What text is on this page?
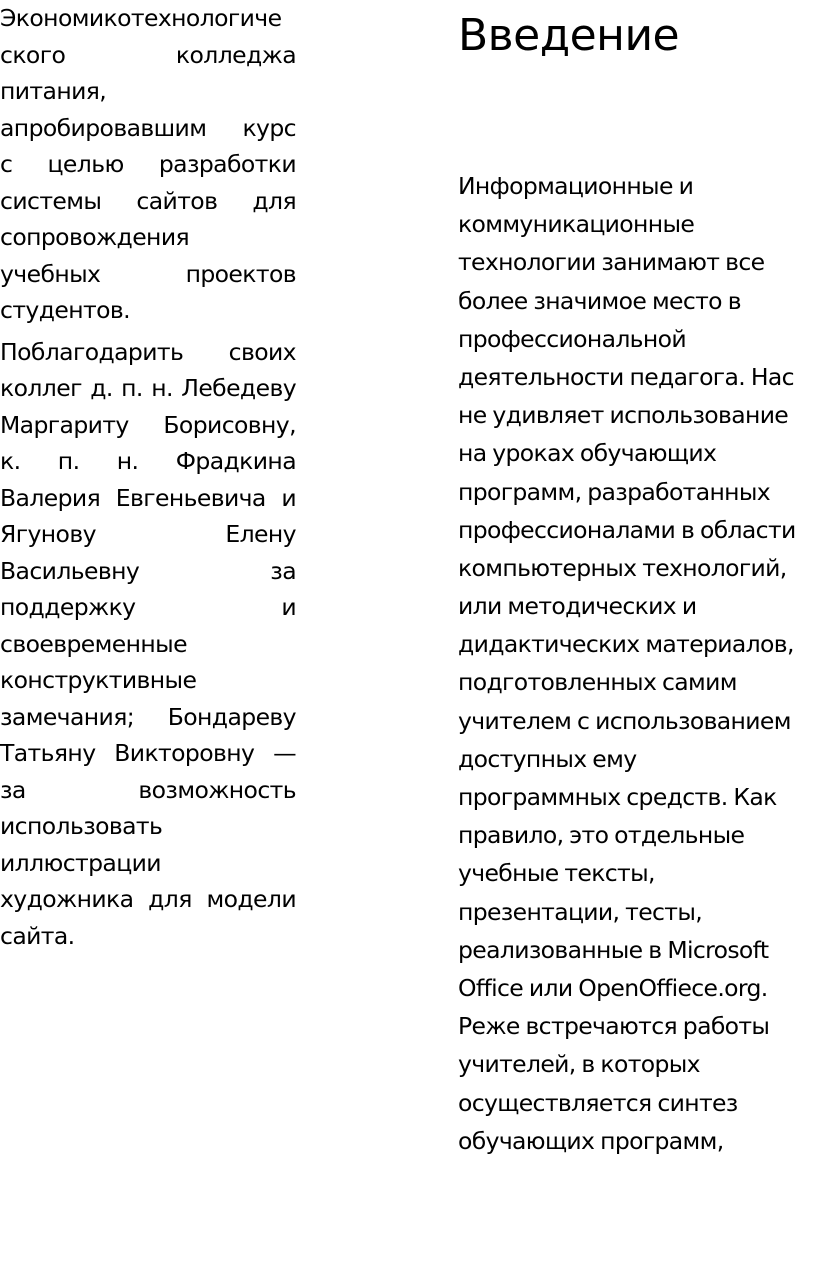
Экономикотехнологиче
ского колледжа
питания,
апробировавшим курс
с целью разработки
системы сайтов для
сопровождения
учебных проектов
студентов.
Поблагодарить своих
коллег д. п. н. Лебедеву
Маргариту Борисовну,
к. п. н. Фрадкина
Валерия Евгеньевича и
Ягунову Елену
Васильевну за
поддержку и
своевременные
конструктивные
замечания; Бондареву
Татьяну Викторовну —
за возможность
использовать
иллюстрации
художника для модели
сайта.
Введение
Информационные и
коммуникационные
технологии занимают все
более значимое место в
профессиональной
деятельности педагога. Нас
не удивляет использование
на уроках обучающих
программ, разработанных
профессионалами в области
компьютерных технологий,
или методических и
дидактических материалов,
подготовленных самим
учителем с использованием
доступных ему
программных средств. Как
правило, это отдельные
учебные тексты,
презентации, тесты,
реализованные в Microsoft
Office или OpenOffiece.org.
Реже встречаются работы
учителей, в которых
осуществляется синтез
обучающих программ,
